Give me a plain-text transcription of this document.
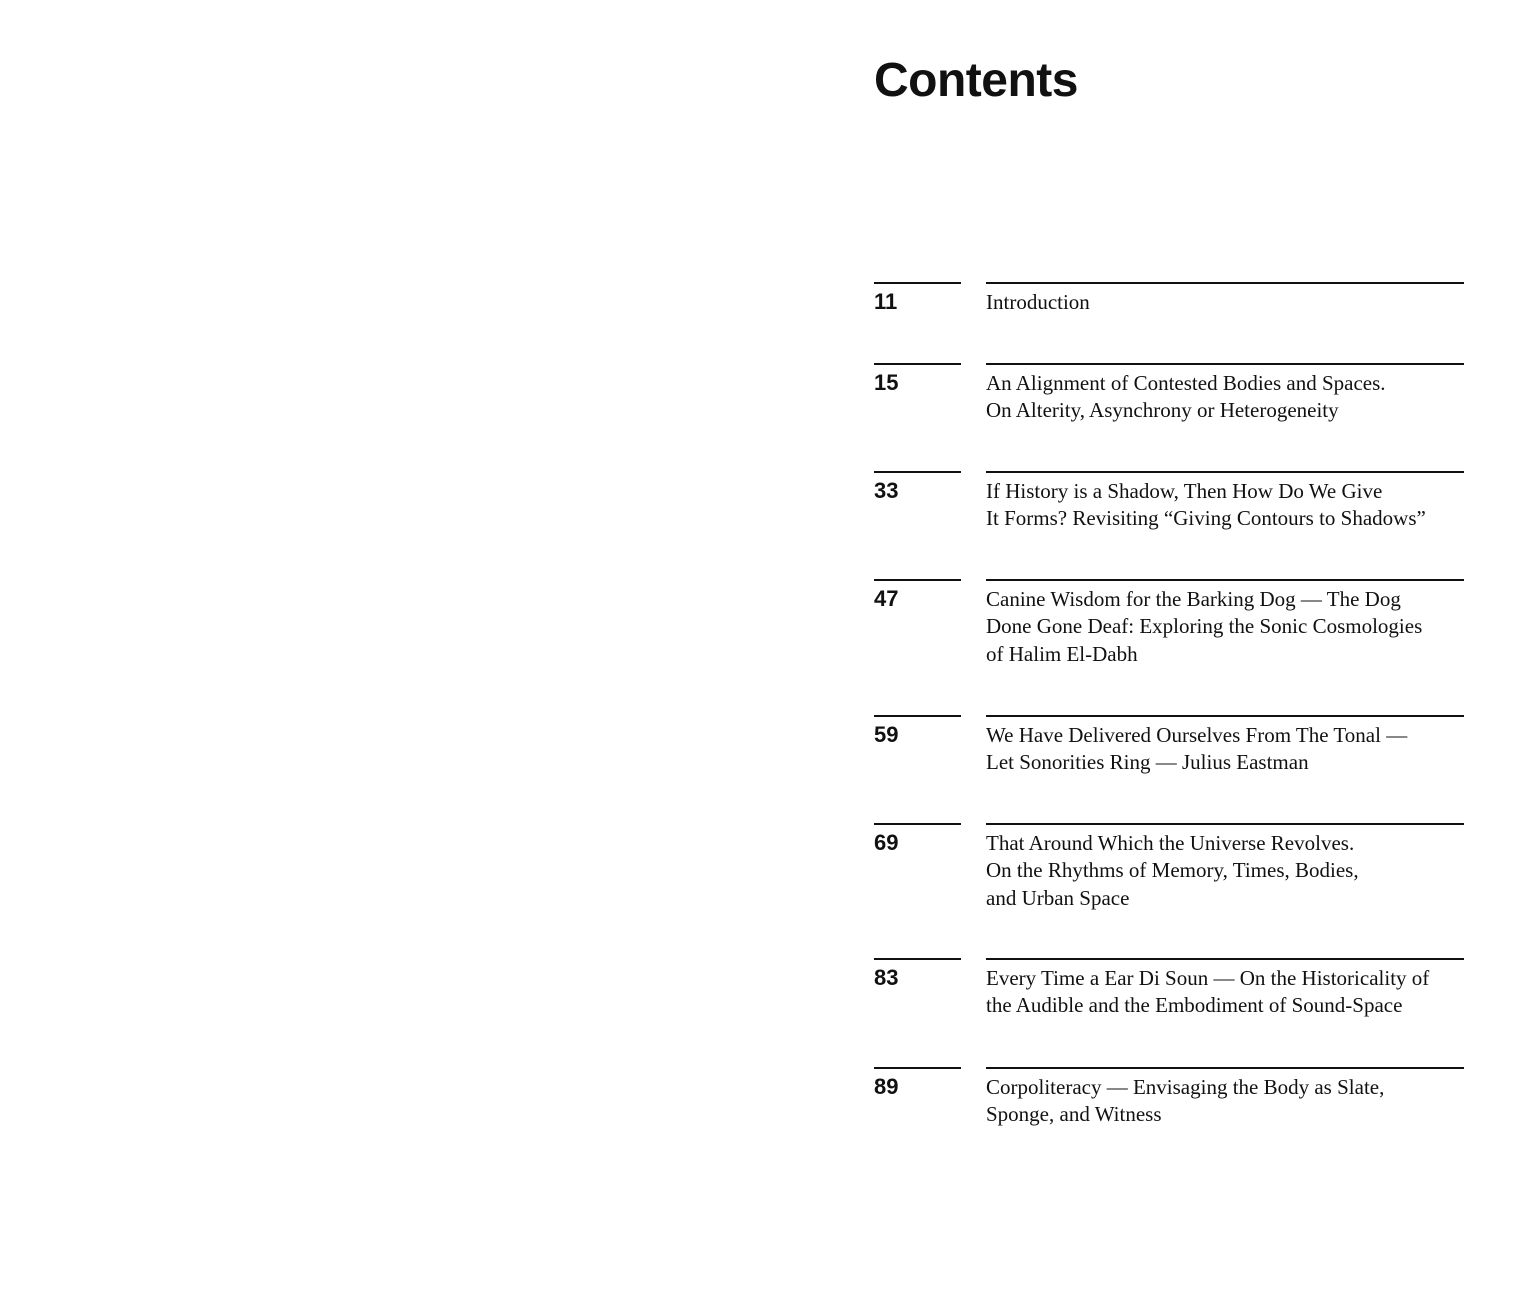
Contents
11	Introduction
15	An Alignment of Contested Bodies and Spaces.
On Alterity, Asynchrony or Heterogeneity
33	If History is a Shadow, Then How Do We Give
It Forms? Revisiting “Giving Contours to Shadows”
47	Canine Wisdom for the Barking Dog — The Dog
Done Gone Deaf: Exploring the Sonic Cosmologies
of Halim El-Dabh
59	We Have Delivered Ourselves From The Tonal —
Let Sonorities Ring — Julius Eastman
69	That Around Which the Universe Revolves.
On the Rhythms of Memory, Times, Bodies,
and Urban Space
83	Every Time a Ear Di Soun — On the Historicality of
the Audible and the Embodiment of Sound-Space
89	Corpoliteracy — Envisaging the Body as Slate,
Sponge, and Witness
